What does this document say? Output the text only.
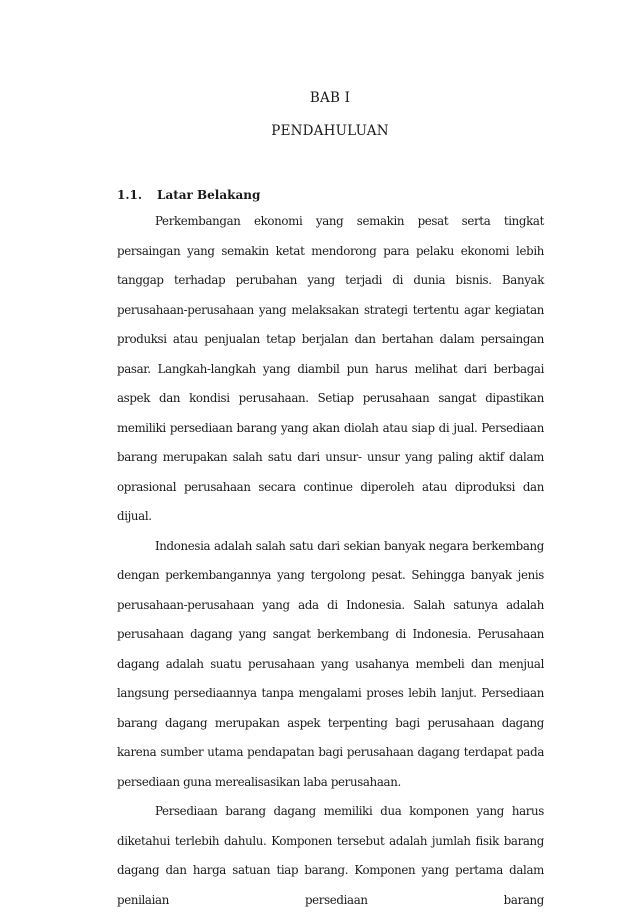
BAB I
PENDAHULUAN
1.1. Latar Belakang

Perkembangan ekonomi yang semakin pesat serta tingkat persaingan yang semakin ketat mendorong para pelaku ekonomi lebih tanggap terhadap perubahan yang terjadi di dunia bisnis. Banyak perusahaan-perusahaan yang melaksakan strategi tertentu agar kegiatan produksi atau penjualan tetap berjalan dan bertahan dalam persaingan pasar. Langkah-langkah yang diambil pun harus melihat dari berbagai aspek dan kondisi perusahaan. Setiap perusahaan sangat dipastikan memiliki persediaan barang yang akan diolah atau siap di jual. Persediaan barang merupakan salah satu dari unsur- unsur yang paling aktif dalam oprasional perusahaan secara continue diperoleh atau diproduksi dan dijual.

Indonesia adalah salah satu dari sekian banyak negara berkembang dengan perkembangannya yang tergolong pesat. Sehingga banyak jenis perusahaan-perusahaan yang ada di Indonesia. Salah satunya adalah perusahaan dagang yang sangat berkembang di Indonesia. Perusahaan dagang adalah suatu perusahaan yang usahanya membeli dan menjual langsung persediaannya tanpa mengalami proses lebih lanjut. Persediaan barang dagang merupakan aspek terpenting bagi perusahaan dagang karena sumber utama pendapatan bagi perusahaan dagang terdapat pada persediaan guna merealisasikan laba perusahaan.

Persediaan barang dagang memiliki dua komponen yang harus diketahui terlebih dahulu. Komponen tersebut adalah jumlah fisik barang dagang dan harga satuan tiap barang. Komponen yang pertama dalam penilaian persediaan barang
